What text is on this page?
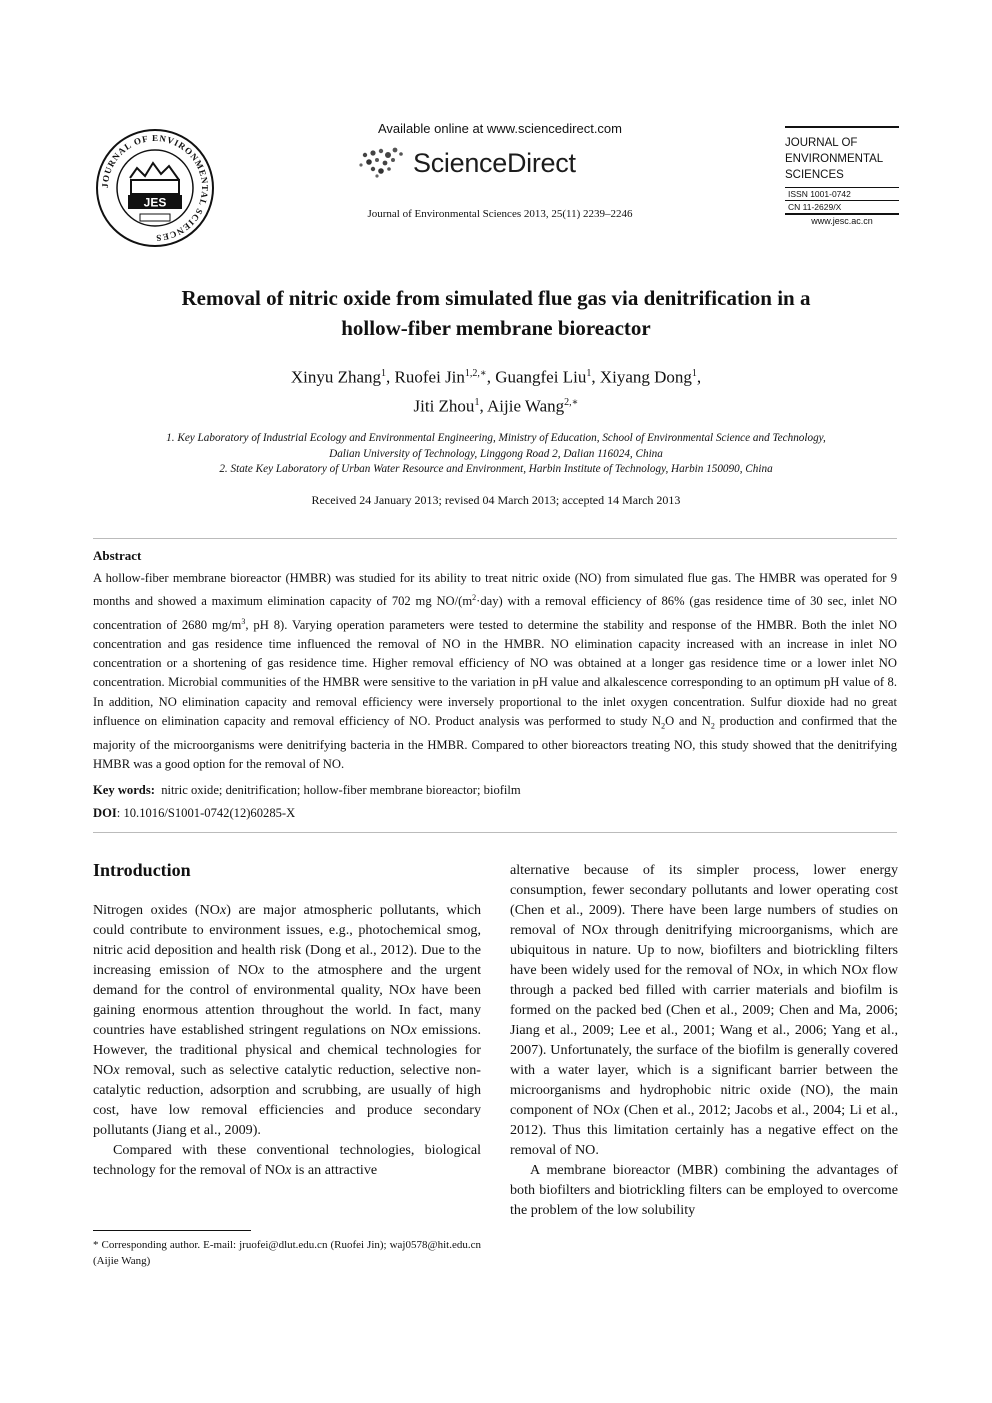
JOURNAL OF ENVIRONMENTAL SCIENCES
JES
Available online at www.sciencedirect.com
ScienceDirect
Journal of Environmental Sciences 2013, 25(11) 2239–2246
JOURNAL OF
ENVIRONMENTAL
SCIENCES
ISSN 1001-0742
CN 11-2629/X
www.jesc.ac.cn
Removal of nitric oxide from simulated flue gas via denitrification in a
hollow-fiber membrane bioreactor
Xinyu Zhang$^1$, Ruofei Jin$^{1,2,∗}$, Guangfei Liu$^1$, Xiyang Dong$^1$,
Jiti Zhou$^1$, Aijie Wang$^{2,∗}$
1. Key Laboratory of Industrial Ecology and Environmental Engineering, Ministry of Education, School of Environmental Science and Technology,
Dalian University of Technology, Linggong Road 2, Dalian 116024, China
2. State Key Laboratory of Urban Water Resource and Environment, Harbin Institute of Technology, Harbin 150090, China
Received 24 January 2013; revised 04 March 2013; accepted 14 March 2013
Abstract
A hollow-fiber membrane bioreactor (HMBR) was studied for its ability to treat nitric oxide (NO) from simulated flue gas. The HMBR was operated for 9 months and showed a maximum elimination capacity of 702 mg $NO/(m^2\cdot day)$ with a removal efficiency of 86% (gas residence time of 30 sec, inlet NO concentration of 2680 $mg/m^3$, pH 8). Varying operation parameters were tested to determine the stability and response of the HMBR. Both the inlet NO concentration and gas residence time influenced the removal of NO in the HMBR. NO elimination capacity increased with an increase in inlet NO concentration or a shortening of gas residence time. Higher removal efficiency of NO was obtained at a longer gas residence time or a lower inlet NO concentration. Microbial communities of the HMBR were sensitive to the variation in pH value and alkalescence corresponding to an optimum pH value of 8. In addition, NO elimination capacity and removal efficiency were inversely proportional to the inlet oxygen concentration. Sulfur dioxide had no great influence on elimination capacity and removal efficiency of NO. Product analysis was performed to study $N_2O$ and $N_2$ production and confirmed that the majority of the microorganisms were denitrifying bacteria in the HMBR. Compared to other bioreactors treating NO, this study showed that the denitrifying HMBR was a good option for the removal of NO.
Key words: nitric oxide; denitrification; hollow-fiber membrane bioreactor; biofilm
DOI: 10.1016/S1001-0742(12)60285-X
Introduction

Nitrogen oxides (NOx) are major atmospheric pollutants, which could contribute to environment issues, e.g., photochemical smog, nitric acid deposition and health risk (Dong et al., 2012). Due to the increasing emission of NOx to the atmosphere and the urgent demand for the control of environmental quality, NOx have been gaining enormous attention throughout the world. In fact, many countries have established stringent regulations on NOx emissions. However, the traditional physical and chemical technologies for NOx removal, such as selective catalytic reduction, selective non-catalytic reduction, adsorption and scrubbing, are usually of high cost, have low removal efficiencies and produce secondary pollutants (Jiang et al., 2009).

Compared with these conventional technologies, biological technology for the removal of NOx is an attractive

alternative because of its simpler process, lower energy consumption, fewer secondary pollutants and lower operating cost (Chen et al., 2009). There have been large numbers of studies on removal of NOx through denitrifying microorganisms, which are ubiquitous in nature. Up to now, biofilters and biotrickling filters have been widely used for the removal of NOx, in which NOx flow through a packed bed filled with carrier materials and biofilm is formed on the packed bed (Chen et al., 2009; Chen and Ma, 2006; Jiang et al., 2009; Lee et al., 2001; Wang et al., 2006; Yang et al., 2007). Unfortunately, the surface of the biofilm is generally covered with a water layer, which is a significant barrier between the microorganisms and hydrophobic nitric oxide (NO), the main component of NOx (Chen et al., 2012; Jacobs et al., 2004; Li et al., 2012). Thus this limitation certainly has a negative effect on the removal of NO.

A membrane bioreactor (MBR) combining the advantages of both biofilters and biotrickling filters can be employed to overcome the problem of the low solubility

* Corresponding author. E-mail: jruofei@dlut.edu.cn (Ruofei Jin); waj0578@hit.edu.cn (Aijie Wang)
